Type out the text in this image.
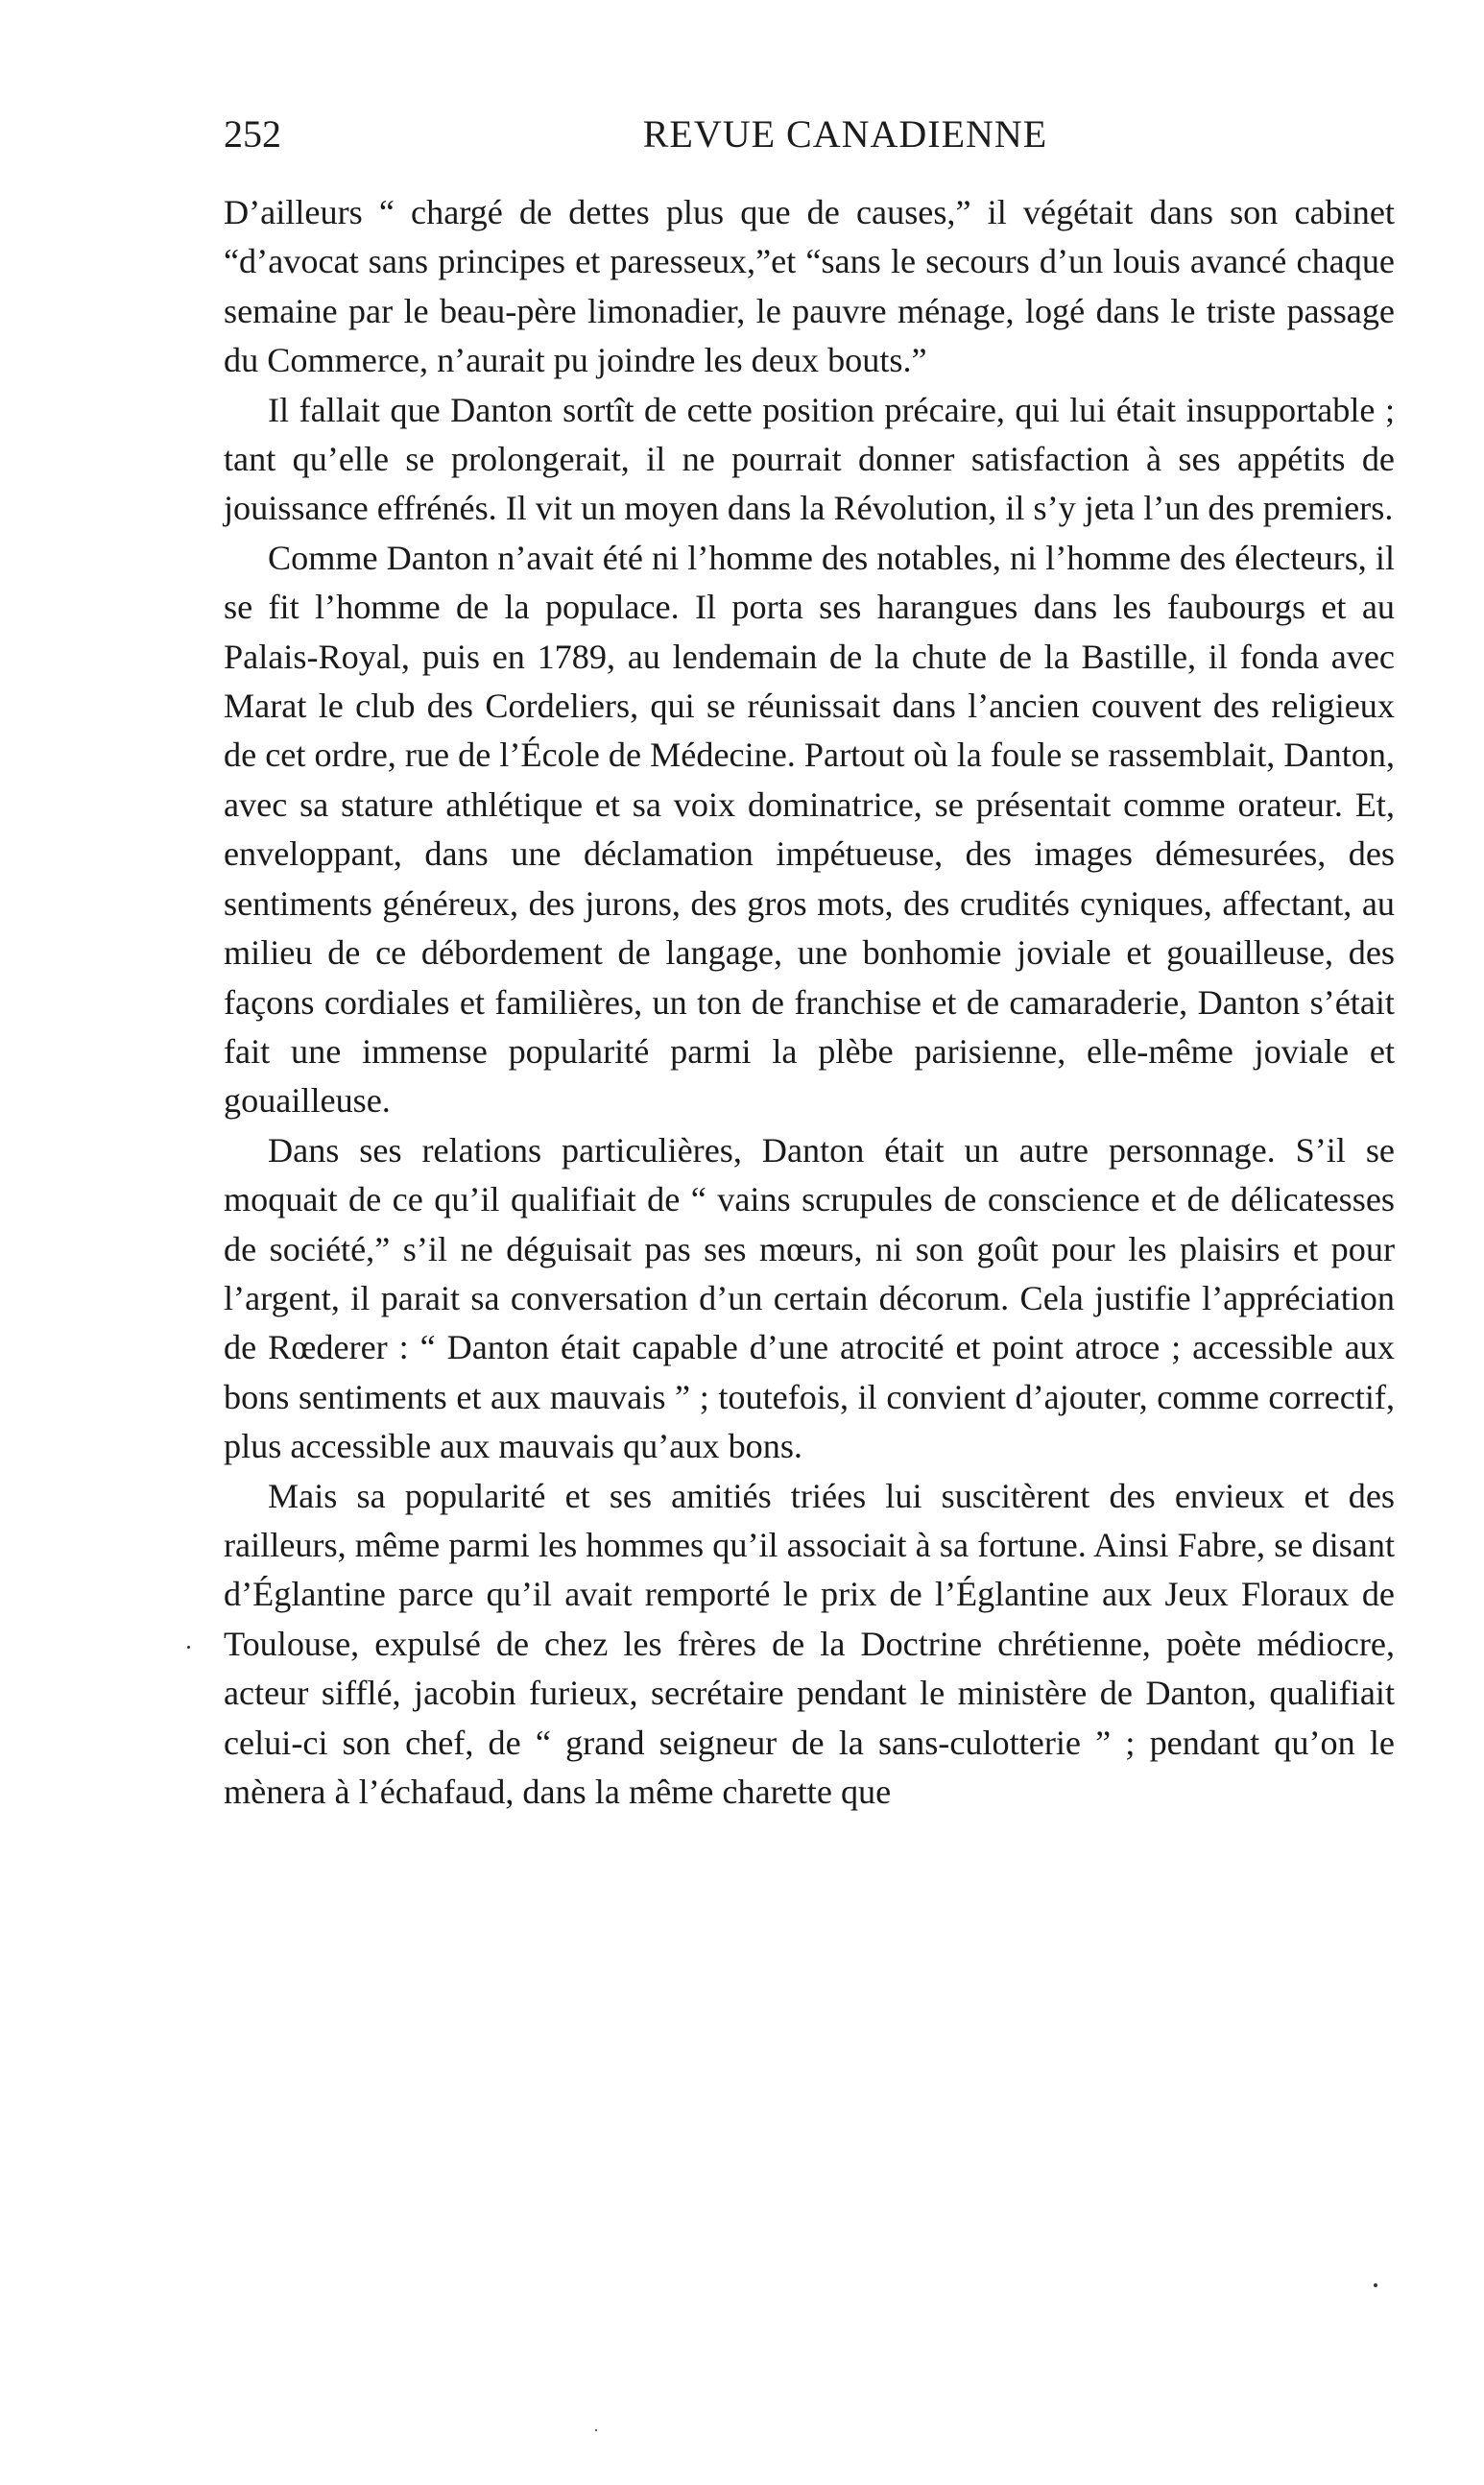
252	REVUE CANADIENNE

D’ailleurs “ chargé de dettes plus que de causes,” il végétait dans son cabinet “d’avocat sans principes et paresseux,”et “sans le secours d’un louis avancé chaque semaine par le beau-père limonadier, le pauvre ménage, logé dans le triste passage du Commerce, n’aurait pu joindre les deux bouts.”

Il fallait que Danton sortît de cette position précaire, qui lui était insupportable ; tant qu’elle se prolongerait, il ne pourrait donner satisfaction à ses appétits de jouissance effrénés. Il vit un moyen dans la Révolution, il s’y jeta l’un des premiers.

Comme Danton n’avait été ni l’homme des notables, ni l’homme des électeurs, il se fit l’homme de la populace. Il porta ses harangues dans les faubourgs et au Palais-Royal, puis en 1789, au lendemain de la chute de la Bastille, il fonda avec Marat le club des Cordeliers, qui se réunissait dans l’ancien couvent des religieux de cet ordre, rue de l’École de Médecine. Partout où la foule se rassemblait, Danton, avec sa stature athlétique et sa voix dominatrice, se présentait comme orateur. Et, enveloppant, dans une déclamation impétueuse, des images démesurées, des sentiments généreux, des jurons, des gros mots, des crudités cyniques, affectant, au milieu de ce débordement de langage, une bonhomie joviale et gouailleuse, des façons cordiales et familières, un ton de franchise et de camaraderie, Danton s’était fait une immense popularité parmi la plèbe parisienne, elle-même joviale et gouailleuse.

Dans ses relations particulières, Danton était un autre personnage. S’il se moquait de ce qu’il qualifiait de “ vains scrupules de conscience et de délicatesses de société,” s’il ne déguisait pas ses mœurs, ni son goût pour les plaisirs et pour l’argent, il parait sa conversation d’un certain décorum. Cela justifie l’appréciation de Rœderer : “ Danton était capable d’une atrocité et point atroce ; accessible aux bons sentiments et aux mauvais ” ; toutefois, il convient d’ajouter, comme correctif, plus accessible aux mauvais qu’aux bons.

Mais sa popularité et ses amitiés triées lui suscitèrent des envieux et des railleurs, même parmi les hommes qu’il associait à sa fortune. Ainsi Fabre, se disant d’Églantine parce qu’il avait remporté le prix de l’Églantine aux Jeux Floraux de Toulouse, expulsé de chez les frères de la Doctrine chrétienne, poète médiocre, acteur sifflé, jacobin furieux, secrétaire pendant le ministère de Danton, qualifiait celui-ci son chef, de “ grand seigneur de la sans-culotterie ” ; pendant qu’on le mènera à l’échafaud, dans la même charette que
